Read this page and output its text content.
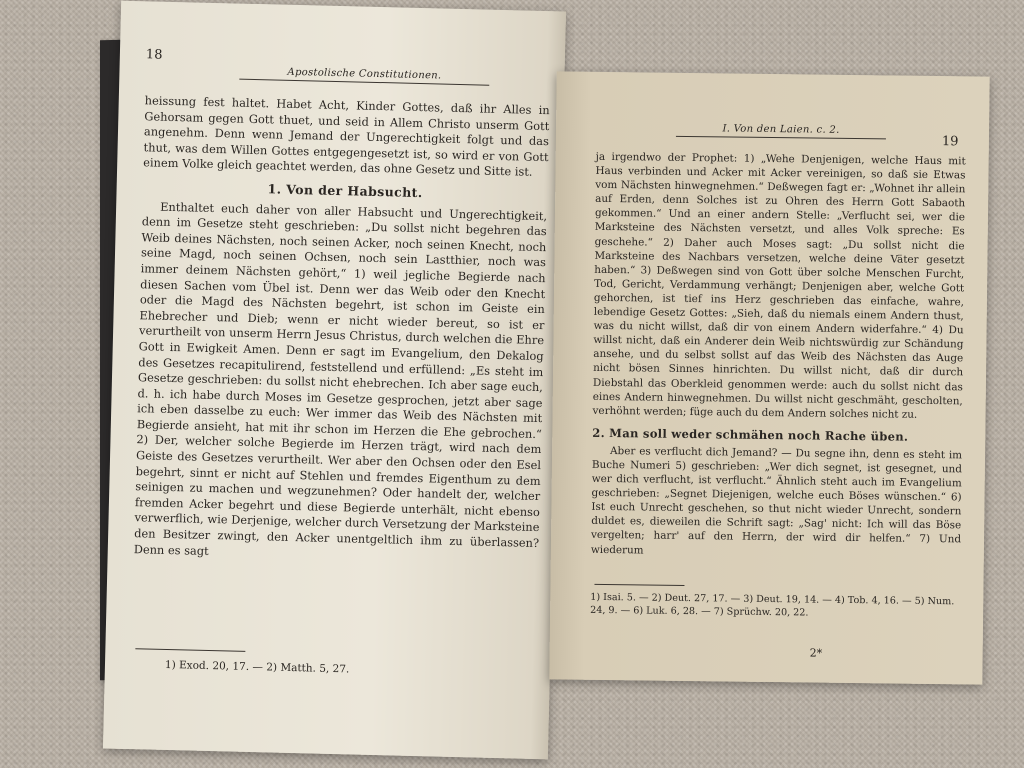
18
Apostolische Constitutionen.

heissung fest haltet. Habet Acht, Kinder Gottes, daß ihr Alles in Gehorsam gegen Gott thuet, und seid in Allem Christo unserm Gott angenehm. Denn wenn Jemand der Ungerechtigkeit folgt und das thut, was dem Willen Gottes entgegengesetzt ist, so wird er von Gott einem Volke gleich geachtet werden, das ohne Gesetz und Sitte ist.

1. Von der Habsucht.

Enthaltet euch daher von aller Habsucht und Ungerechtigkeit, denn im Gesetze steht geschrieben: „Du sollst nicht begehren das Weib deines Nächsten, noch seinen Acker, noch seinen Knecht, noch seine Magd, noch seinen Ochsen, noch sein Lastthier, noch was immer deinem Nächsten gehört,“ 1) weil jegliche Begierde nach diesen Sachen vom Übel ist. Denn wer das Weib oder den Knecht oder die Magd des Nächsten begehrt, ist schon im Geiste ein Ehebrecher und Dieb; wenn er nicht wieder bereut, so ist er verurtheilt von unserm Herrn Jesus Christus, durch welchen die Ehre Gott in Ewigkeit Amen. Denn er sagt im Evangelium, den Dekalog des Gesetzes recapitulirend, feststellend und erfüllend: „Es steht im Gesetze geschrieben: du sollst nicht ehebrechen. Ich aber sage euch, d. h. ich habe durch Moses im Gesetze gesprochen, jetzt aber sage ich eben dasselbe zu euch: Wer immer das Weib des Nächsten mit Begierde ansieht, hat mit ihr schon im Herzen die Ehe gebrochen.“ 2) Der, welcher solche Begierde im Herzen trägt, wird nach dem Geiste des Gesetzes verurtheilt. Wer aber den Ochsen oder den Esel begehrt, sinnt er nicht auf Stehlen und fremdes Eigenthum zu dem seinigen zu machen und wegzunehmen? Oder handelt der, welcher fremden Acker begehrt und diese Begierde unterhält, nicht ebenso verwerflich, wie Derjenige, welcher durch Versetzung der Marksteine den Besitzer zwingt, den Acker unentgeltlich ihm zu überlassen? Denn es sagt

1) Exod. 20, 17. — 2) Matth. 5, 27.
I. Von den Laien. c. 2.
19

ja irgendwo der Prophet: 1) „Wehe Denjenigen, welche Haus mit Haus verbinden und Acker mit Acker vereinigen, so daß sie Etwas vom Nächsten hinwegnehmen.“ Deßwegen fagt er: „Wohnet ihr allein auf Erden, denn Solches ist zu Ohren des Herrn Gott Sabaoth gekommen.“ Und an einer andern Stelle: „Verflucht sei, wer die Marksteine des Nächsten versetzt, und alles Volk spreche: Es geschehe.“ 2) Daher auch Moses sagt: „Du sollst nicht die Marksteine des Nachbars versetzen, welche deine Väter gesetzt haben.“ 3) Deßwegen sind von Gott über solche Menschen Furcht, Tod, Gericht, Verdammung verhängt; Denjenigen aber, welche Gott gehorchen, ist tief ins Herz geschrieben das einfache, wahre, lebendige Gesetz Gottes: „Sieh, daß du niemals einem Andern thust, was du nicht willst, daß dir von einem Andern widerfahre.“ 4) Du willst nicht, daß ein Anderer dein Weib nichtswürdig zur Schändung ansehe, und du selbst sollst auf das Weib des Nächsten das Auge nicht bösen Sinnes hinrichten. Du willst nicht, daß dir durch Diebstahl das Oberkleid genommen werde: auch du sollst nicht das eines Andern hinwegnehmen. Du willst nicht geschmäht, gescholten, verhöhnt werden; füge auch du dem Andern solches nicht zu.

2. Man soll weder schmähen noch Rache üben.

Aber es verflucht dich Jemand? — Du segne ihn, denn es steht im Buche Numeri 5) geschrieben: „Wer dich segnet, ist gesegnet, und wer dich verflucht, ist verflucht.“ Ähnlich steht auch im Evangelium geschrieben: „Segnet Diejenigen, welche euch Böses wünschen.“ 6) Ist euch Unrecht geschehen, so thut nicht wieder Unrecht, sondern duldet es, dieweilen die Schrift sagt: „Sag' nicht: Ich will das Böse vergelten; harr' auf den Herrn, der wird dir helfen.“ 7) Und wiederum

1) Isai. 5. — 2) Deut. 27, 17. — 3) Deut. 19, 14. — 4) Tob. 4, 16. — 5) Num. 24, 9. — 6) Luk. 6, 28. — 7) Sprüchw. 20, 22.
2*
